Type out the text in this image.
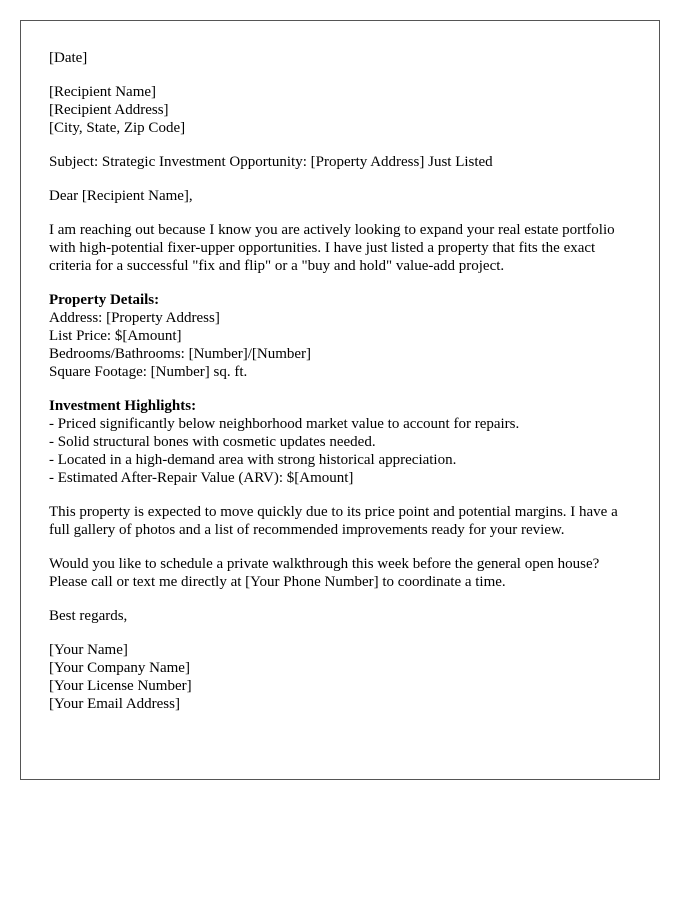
[Date]
[Recipient Name]
[Recipient Address]
[City, State, Zip Code]
Subject: Strategic Investment Opportunity: [Property Address] Just Listed
Dear [Recipient Name],
I am reaching out because I know you are actively looking to expand your real estate portfolio with high-potential fixer-upper opportunities. I have just listed a property that fits the exact criteria for a successful "fix and flip" or a "buy and hold" value-add project.
Property Details:
Address: [Property Address]
List Price: $[Amount]
Bedrooms/Bathrooms: [Number]/[Number]
Square Footage: [Number] sq. ft.
Investment Highlights:
- Priced significantly below neighborhood market value to account for repairs.
- Solid structural bones with cosmetic updates needed.
- Located in a high-demand area with strong historical appreciation.
- Estimated After-Repair Value (ARV): $[Amount]
This property is expected to move quickly due to its price point and potential margins. I have a full gallery of photos and a list of recommended improvements ready for your review.
Would you like to schedule a private walkthrough this week before the general open house? Please call or text me directly at [Your Phone Number] to coordinate a time.
Best regards,
[Your Name]
[Your Company Name]
[Your License Number]
[Your Email Address]
